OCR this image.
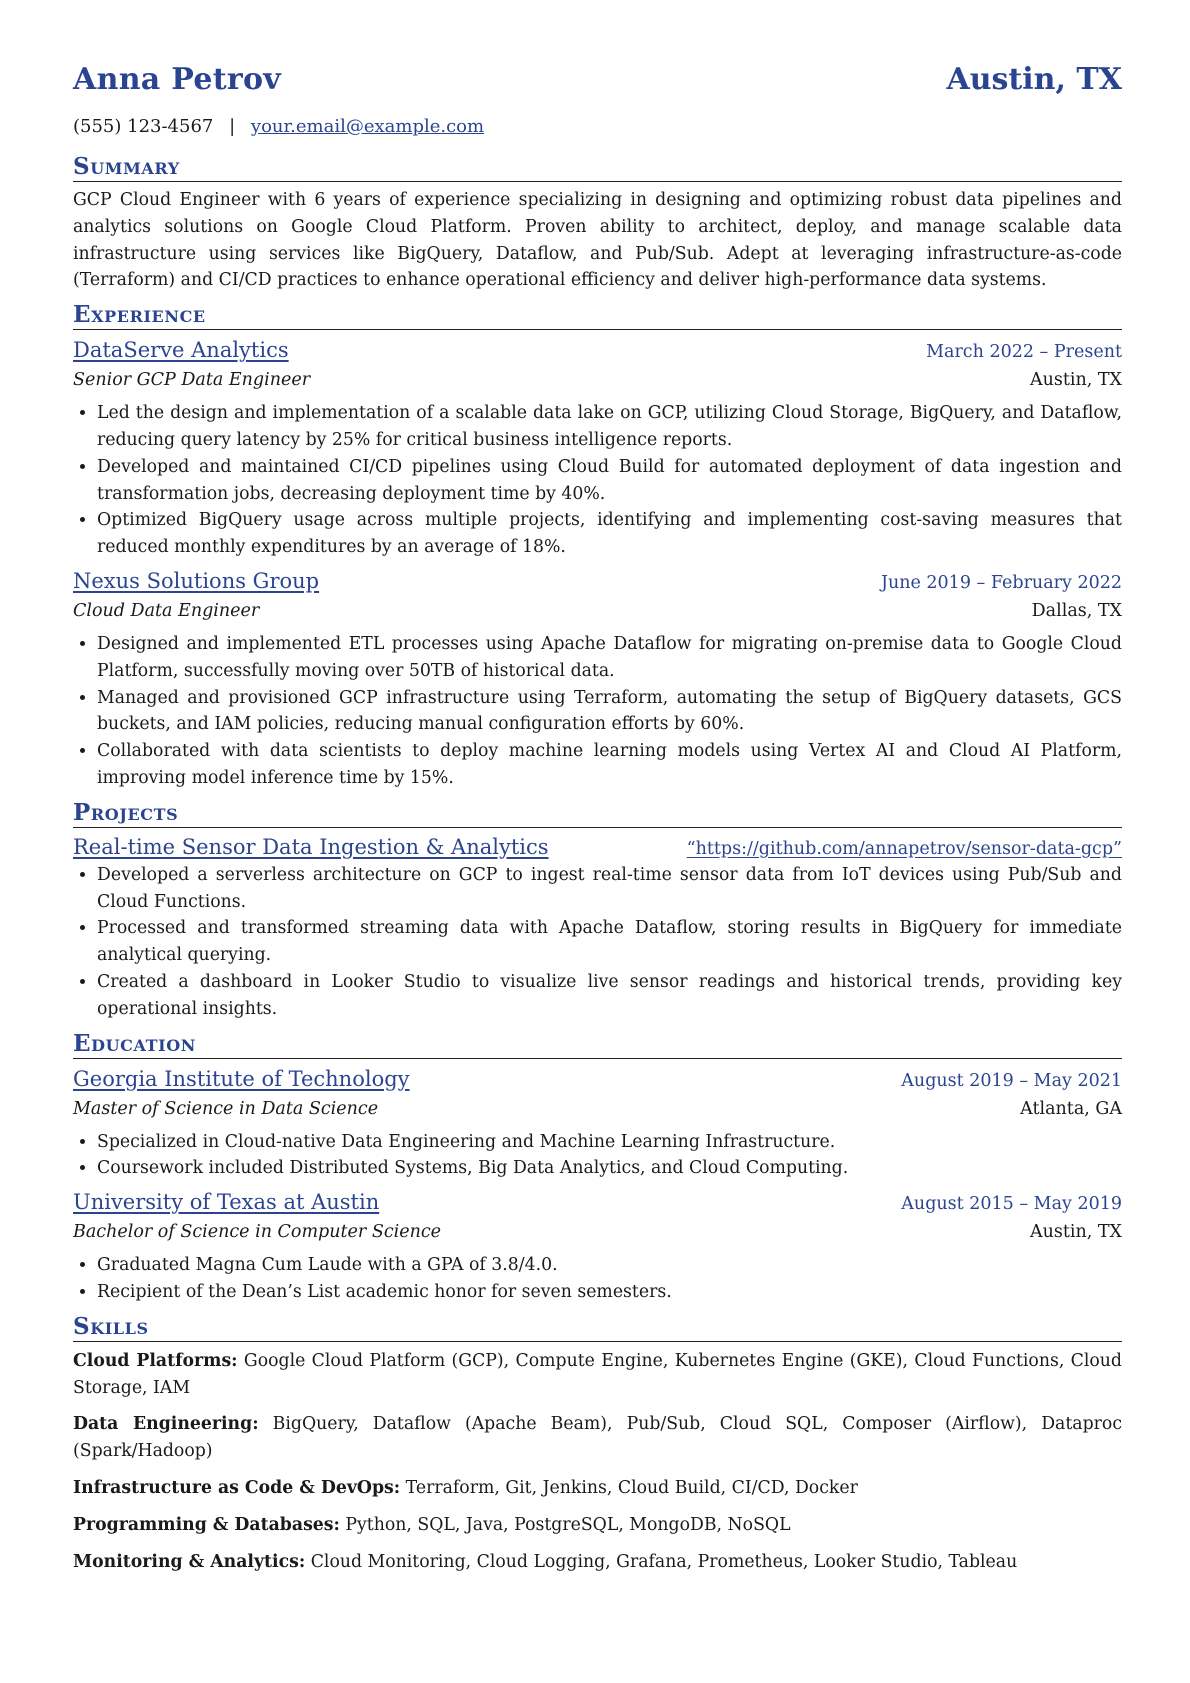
Anna Petrov	Austin, TX
(555) 123-4567 | your.email@example.com
Summary

GCP Cloud Engineer with 6 years of experience specializing in designing and optimizing robust data pipelines and analytics solutions on Google Cloud Platform. Proven ability to architect, deploy, and manage scalable data infrastructure using services like BigQuery, Dataflow, and Pub/Sub. Adept at leveraging infrastructure-as-code (Terraform) and CI/CD practices to enhance operational efficiency and deliver high-performance data systems.

Experience
DataServe Analytics	March 2022 – Present
Senior GCP Data Engineer	Austin, TX
• Led the design and implementation of a scalable data lake on GCP, utilizing Cloud Storage, BigQuery, and Dataflow, reducing query latency by 25% for critical business intelligence reports.
• Developed and maintained CI/CD pipelines using Cloud Build for automated deployment of data ingestion and transformation jobs, decreasing deployment time by 40%.
• Optimized BigQuery usage across multiple projects, identifying and implementing cost-saving measures that reduced monthly expenditures by an average of 18%.
Nexus Solutions Group	June 2019 – February 2022
Cloud Data Engineer	Dallas, TX
• Designed and implemented ETL processes using Apache Dataflow for migrating on-premise data to Google Cloud Platform, successfully moving over 50TB of historical data.
• Managed and provisioned GCP infrastructure using Terraform, automating the setup of BigQuery datasets, GCS buckets, and IAM policies, reducing manual configuration efforts by 60%.
• Collaborated with data scientists to deploy machine learning models using Vertex AI and Cloud AI Platform, improving model inference time by 15%.
Projects
Real-time Sensor Data Ingestion & Analytics	“https://github.com/annapetrov/sensor-data-gcp”
• Developed a serverless architecture on GCP to ingest real-time sensor data from IoT devices using Pub/Sub and Cloud Functions.
• Processed and transformed streaming data with Apache Dataflow, storing results in BigQuery for immediate analytical querying.
• Created a dashboard in Looker Studio to visualize live sensor readings and historical trends, providing key operational insights.
Education
Georgia Institute of Technology	August 2019 – May 2021
Master of Science in Data Science	Atlanta, GA
• Specialized in Cloud-native Data Engineering and Machine Learning Infrastructure.
• Coursework included Distributed Systems, Big Data Analytics, and Cloud Computing.
University of Texas at Austin	August 2015 – May 2019
Bachelor of Science in Computer Science	Austin, TX
• Graduated Magna Cum Laude with a GPA of 3.8/4.0.
• Recipient of the Dean’s List academic honor for seven semesters.
Skills

Cloud Platforms: Google Cloud Platform (GCP), Compute Engine, Kubernetes Engine (GKE), Cloud Functions, Cloud Storage, IAM

Data Engineering: BigQuery, Dataflow (Apache Beam), Pub/Sub, Cloud SQL, Composer (Airflow), Dataproc (Spark/Hadoop)

Infrastructure as Code & DevOps: Terraform, Git, Jenkins, Cloud Build, CI/CD, Docker

Programming & Databases: Python, SQL, Java, PostgreSQL, MongoDB, NoSQL

Monitoring & Analytics: Cloud Monitoring, Cloud Logging, Grafana, Prometheus, Looker Studio, Tableau
